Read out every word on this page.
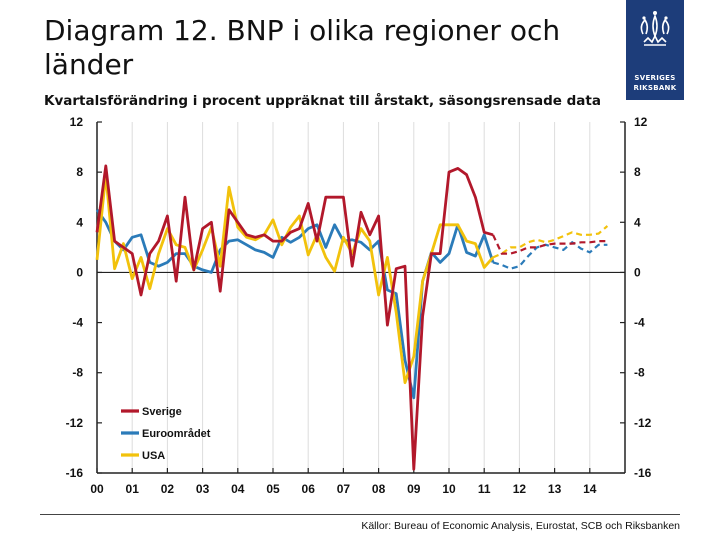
Diagram 12. BNP i olika regioner och länder
Kvartalsförändring i procent uppräknat till årstakt, säsongsrensade data
SVERIGES
RIKSBANK
12	12
8	8
4	4
0	0
-4	-4
-8	-8
-12	-12
-16	-16
00 01 02 03 04 05 06 07 08 09 10 11 12 13 14
Sverige
Euroområdet
USA
Källor: Bureau of Economic Analysis, Eurostat, SCB och Riksbanken
